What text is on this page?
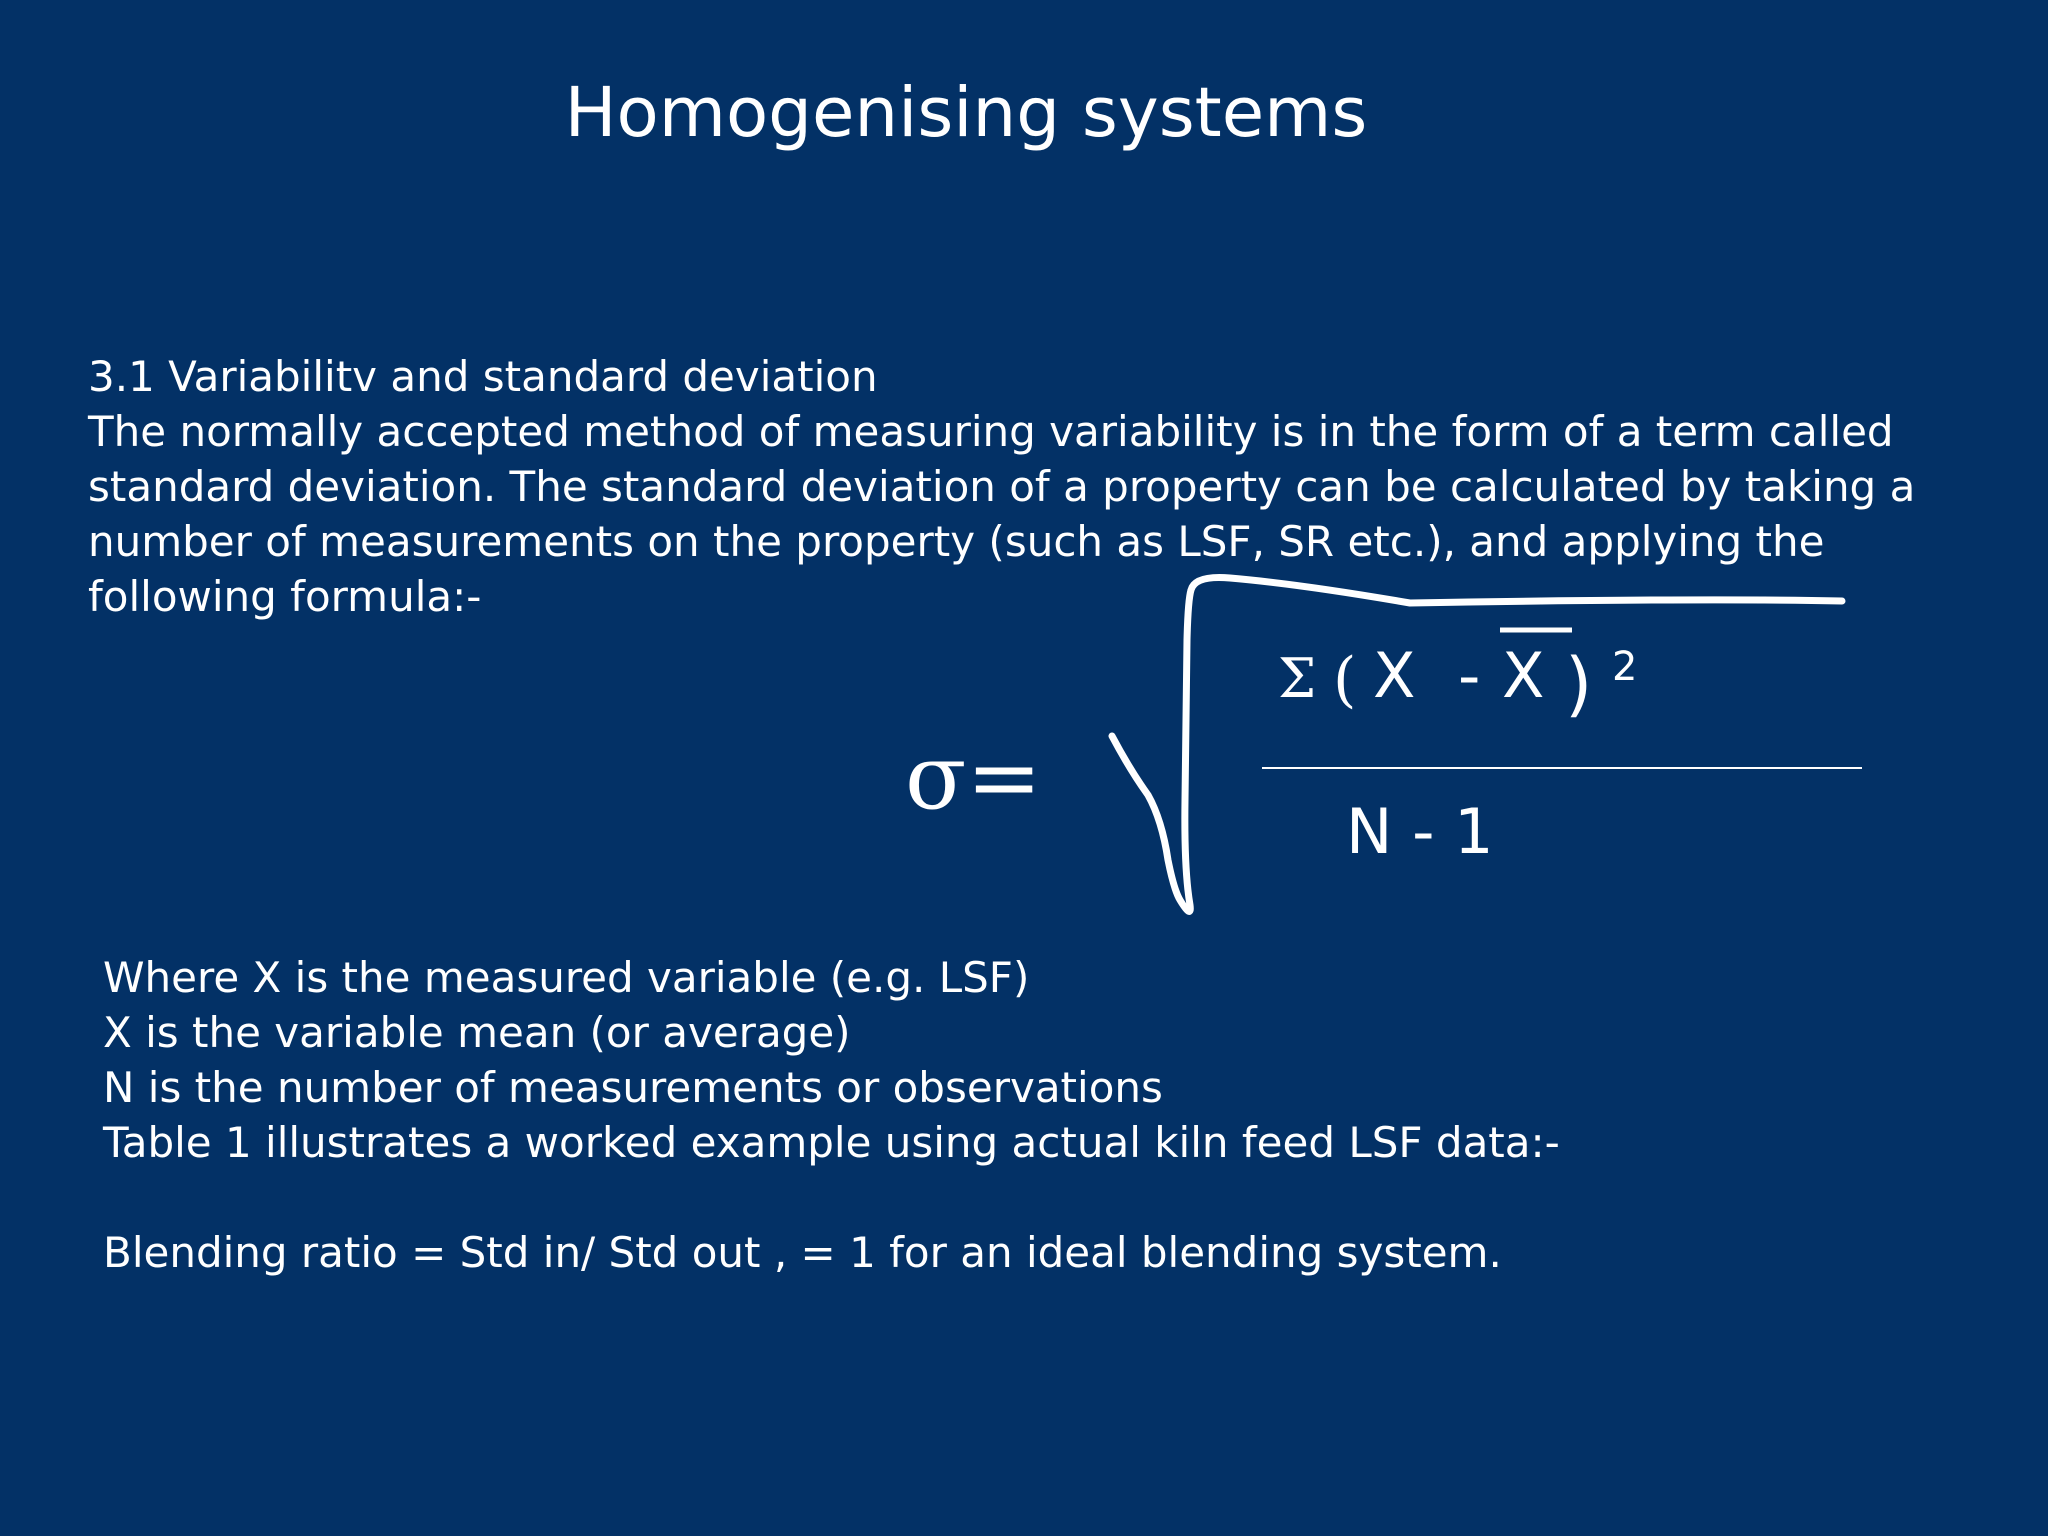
Homogenising systems
3.1 Variabilitv and standard deviation
The normally accepted method of measuring variability is in the form of a term called
standard deviation. The standard deviation of a property can be calculated by taking a
number of measurements on the property (such as LSF, SR etc.), and applying the
following formula:-
σ=
Σ ( X - X ) 2
N - 1
Where X is the measured variable (e.g. LSF)
X is the variable mean (or average)
N is the number of measurements or observations
Table 1 illustrates a worked example using actual kiln feed LSF data:-
Blending ratio = Std in/ Std out , = 1 for an ideal blending system.
